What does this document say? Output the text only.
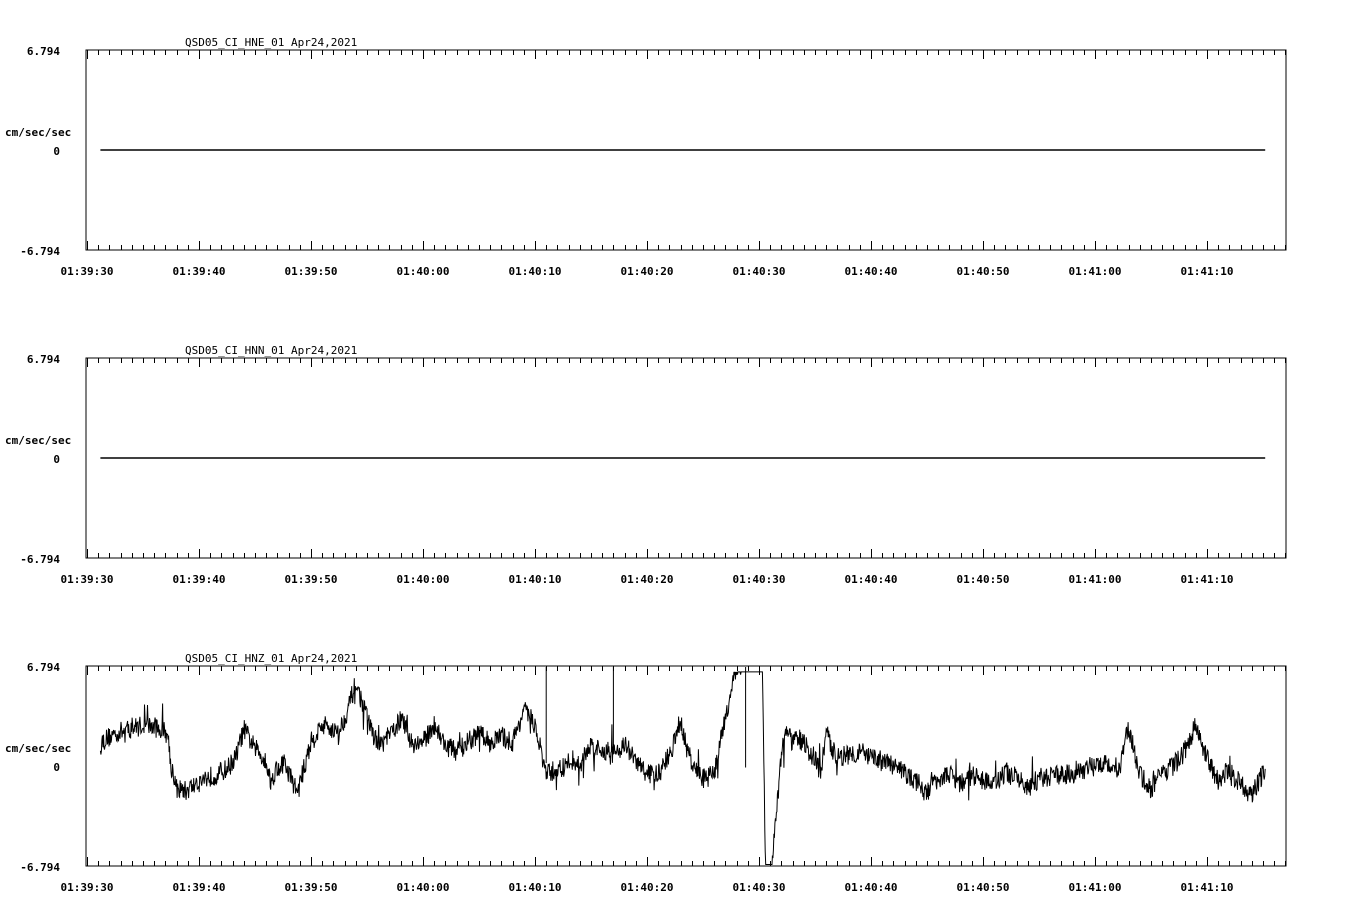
QSD05_CI_HNE_01 Apr24,2021
cm/sec/sec
6.794
0
-6.794
01:39:30	01:39:40	01:39:50	01:40:00	01:40:10	01:40:20	01:40:30	01:40:40	01:40:50	01:41:00	01:41:10
QSD05_CI_HNN_01 Apr24,2021
cm/sec/sec
6.794
0
-6.794
01:39:30	01:39:40	01:39:50	01:40:00	01:40:10	01:40:20	01:40:30	01:40:40	01:40:50	01:41:00	01:41:10
QSD05_CI_HNZ_01 Apr24,2021
cm/sec/sec
6.794
0
-6.794
01:39:30	01:39:40	01:39:50	01:40:00	01:40:10	01:40:20	01:40:30	01:40:40	01:40:50	01:41:00	01:41:10
